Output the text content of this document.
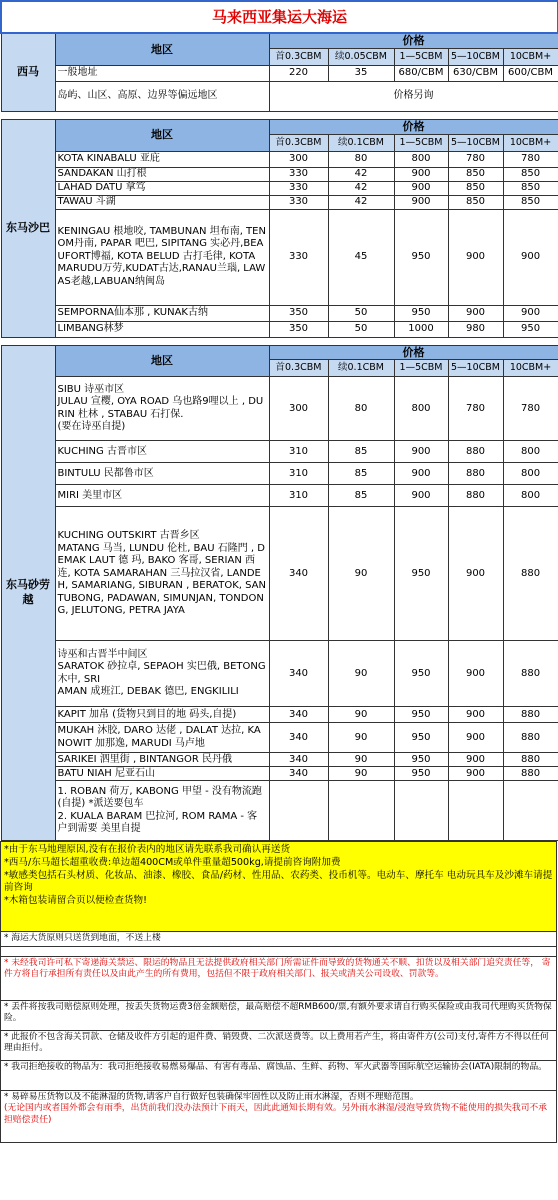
马来西亚集运大海运						
西马	地区	价格				
		首0.3CBM	续0.05CBM	1—5CBM	5—10CBM	10CBM+
	一般地址	220	35	680/CBM	630/CBM	600/CBM
	岛屿、山区、高原、边界等偏远地区	价格另询				

东马沙巴	地区	价格				
		首0.3CBM	续0.1CBM	1—5CBM	5—10CBM	10CBM+
	KOTA KINABALU 亚庇	300	80	800	780	780
	SANDAKAN 山打根	330	42	900	850	850
	LAHAD DATU 拿笃	330	42	900	850	850
	TAWAU 斗湖	330	42	900	850	850
	KENINGAU 根地咬, TAMBUNAN 坦布南, TENOM丹南, PAPAR 吧巴, SIPITANG 实必丹,BEAUFORT博福, KOTA BELUD 古打毛律, KOTA MARUDU万劳,KUDAT古达,RANAU兰瑙, LAWAS老越,LABUAN纳闽岛	330	45	950	900	900
	SEMPORNA仙本那 , KUNAK古纳	350	50	950	900	900
	LIMBANG林梦	350	50	1000	980	950

东马砂劳越	地区	价格				
		首0.3CBM	续0.1CBM	1—5CBM	5—10CBM	10CBM+
	SIBU 诗巫市区
JULAU 宣樱, OYA ROAD 乌也路9哩以上 , DURIN 杜林 , STABAU 石打保.
(要在诗巫自提)	300	80	800	780	780
	KUCHING 古晋市区	310	85	900	880	800
	BINTULU 民都鲁市区	310	85	900	880	800
	MIRI 美里市区	310	85	900	880	800
	KUCHING OUTSKIRT 古晋乡区
MATANG 马当, LUNDU 伦杜, BAU 石隆門 , DEMAK LAUT 德 玛, BAKO 客哥, SERIAN 西连, KOTA SAMARAHAN 三马拉汉省, LANDEH, SAMARIANG, SIBURAN , BERATOK, SANTUBONG, PADAWAN, SIMUNJAN, TONDONG, JELUTONG, PETRA JAYA	340	90	950	900	880
	诗巫和古晋半中间区
SARATOK 砂拉卓, SEPAOH 实巴俄, BETONG 木中, SRI
AMAN 成班江, DEBAK 德巴, ENGKILILI	340	90	950	900	880
	KAPIT 加帛 (货物只到目的地 码头,自提)	340	90	950	900	880
	MUKAH 沐胶, DARO 达佬 , DALAT 达拉, KANOWIT 加那逸, MARUDI 马卢地	340	90	950	900	880
	SARIKEI 泗里街 , BINTANGOR 民丹俄	340	90	950	900	880
	BATU NIAH 尼亚石山	340	90	950	900	880
	1. ROBAN 荷万, KABONG 甲望 - 没有物流跑 (自提) *派送要包车
2. KUALA BARAM 巴拉河, ROM RAMA - 客户到需要 美里自提					
*由于东马地理原因,没有在报价表内的地区请先联系我司确认再送货
*西马/东马超长超重收费:单边超400CM或单件重量超500kg,请提前咨询附加费
*敏感类包括石头材质、化妆品、油漆、橡胶、食品/药材、性用品、农药类、投币机等。电动车、摩托车 电动玩具车及沙滩车请提前咨询
*木箱包装请留合页以便检查货物!

* 海运大货原则只送货到地面，不送上楼

* 未经我司许可私下寄递海关禁运、限运的物品且无法提供政府相关部门所需证件而导致的货物通关不顺、扣货以及相关部门追究责任等， 寄件方将自行承担所有责任以及由此产生的所有费用，包括但不限于政府相关部门、报关或清关公司设收、罚款等。
* 丢件将按我司赔偿原则处理，按丢失货物运费3倍金额赔偿，最高赔偿不超RMB600/票,有额外要求请自行购买保险或由我司代理购买货物保险。
* 此报价不包含海关罚款、仓储及收件方引起的退件费、销毁费、二次派送费等。以上费用若产生，将由寄件方(公司)支付,寄件方不得以任何理由拒付。
* 我司拒绝接收的物品为：我司拒绝接收易燃易爆品、有害有毒品、腐蚀品、生鲜、药物、军火武器等国际航空运输协会(IATA)限制的物品。

* 易碎易压货物以及不能淋湿的货物,请客户自行做好包装确保牢固性以及防止雨水淋湿，否则不理赔范围。
(无论国内或者国外都会有雨季，出货前我们没办法预计下雨天，因此此通知长期有效。另外雨水淋湿/浸泡导致货物不能使用的损失我司不承担赔偿责任)
